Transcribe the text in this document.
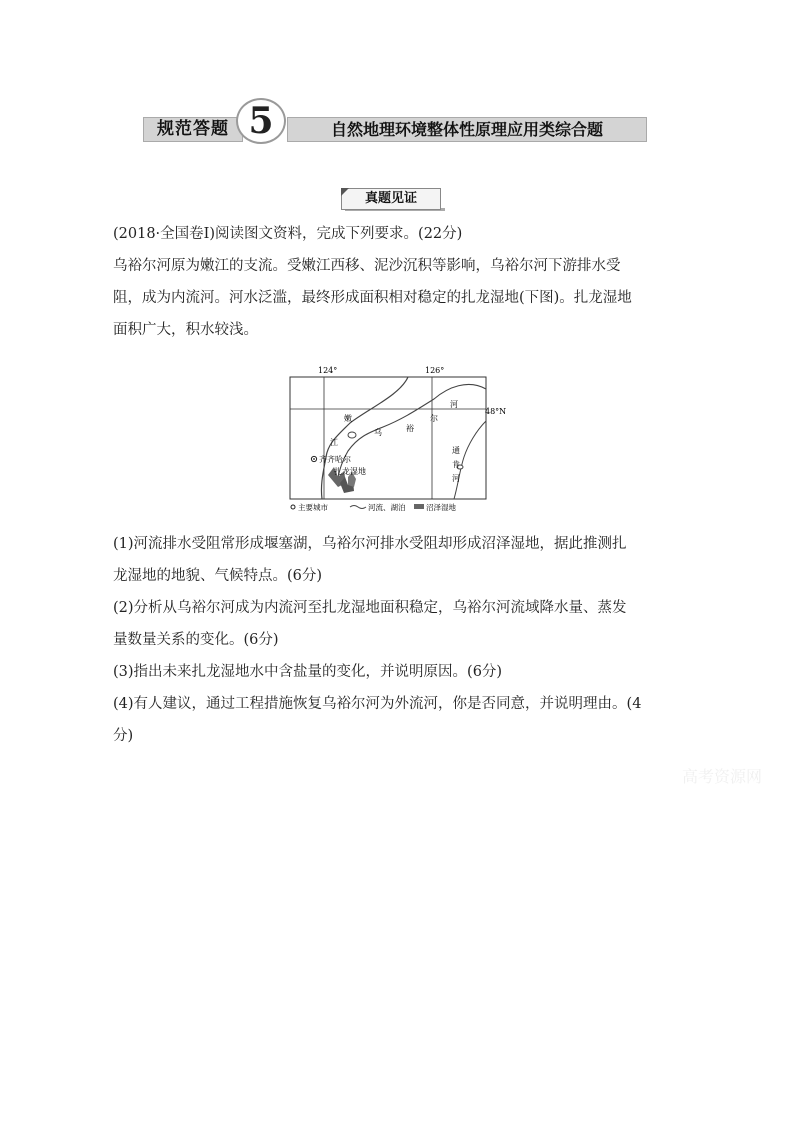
规范答题 5	自然地理环境整体性原理应用类综合题
真题见证

(2018·全国卷Ⅰ)阅读图文资料，完成下列要求。(22分)

乌裕尔河原为嫩江的支流。受嫩江西移、泥沙沉积等影响，乌裕尔河下游排水受

阻，成为内流河。河水泛滥，最终形成面积相对稳定的扎龙湿地(下图)。扎龙湿地

面积广大，积水较浅。

124°	126°
48°N
齐齐哈尔
扎龙湿地
嫩
江
乌	裕
尔
河
通
肯
河
主要城市	河流、湖泊	沼泽湿地

(1)河流排水受阻常形成堰塞湖，乌裕尔河排水受阻却形成沼泽湿地，据此推测扎

龙湿地的地貌、气候特点。(6分)

(2)分析从乌裕尔河成为内流河至扎龙湿地面积稳定，乌裕尔河流域降水量、蒸发

量数量关系的变化。(6分)

(3)指出未来扎龙湿地水中含盐量的变化，并说明原因。(6分)

(4)有人建议，通过工程措施恢复乌裕尔河为外流河，你是否同意，并说明理由。(4

分)

高考资源网
